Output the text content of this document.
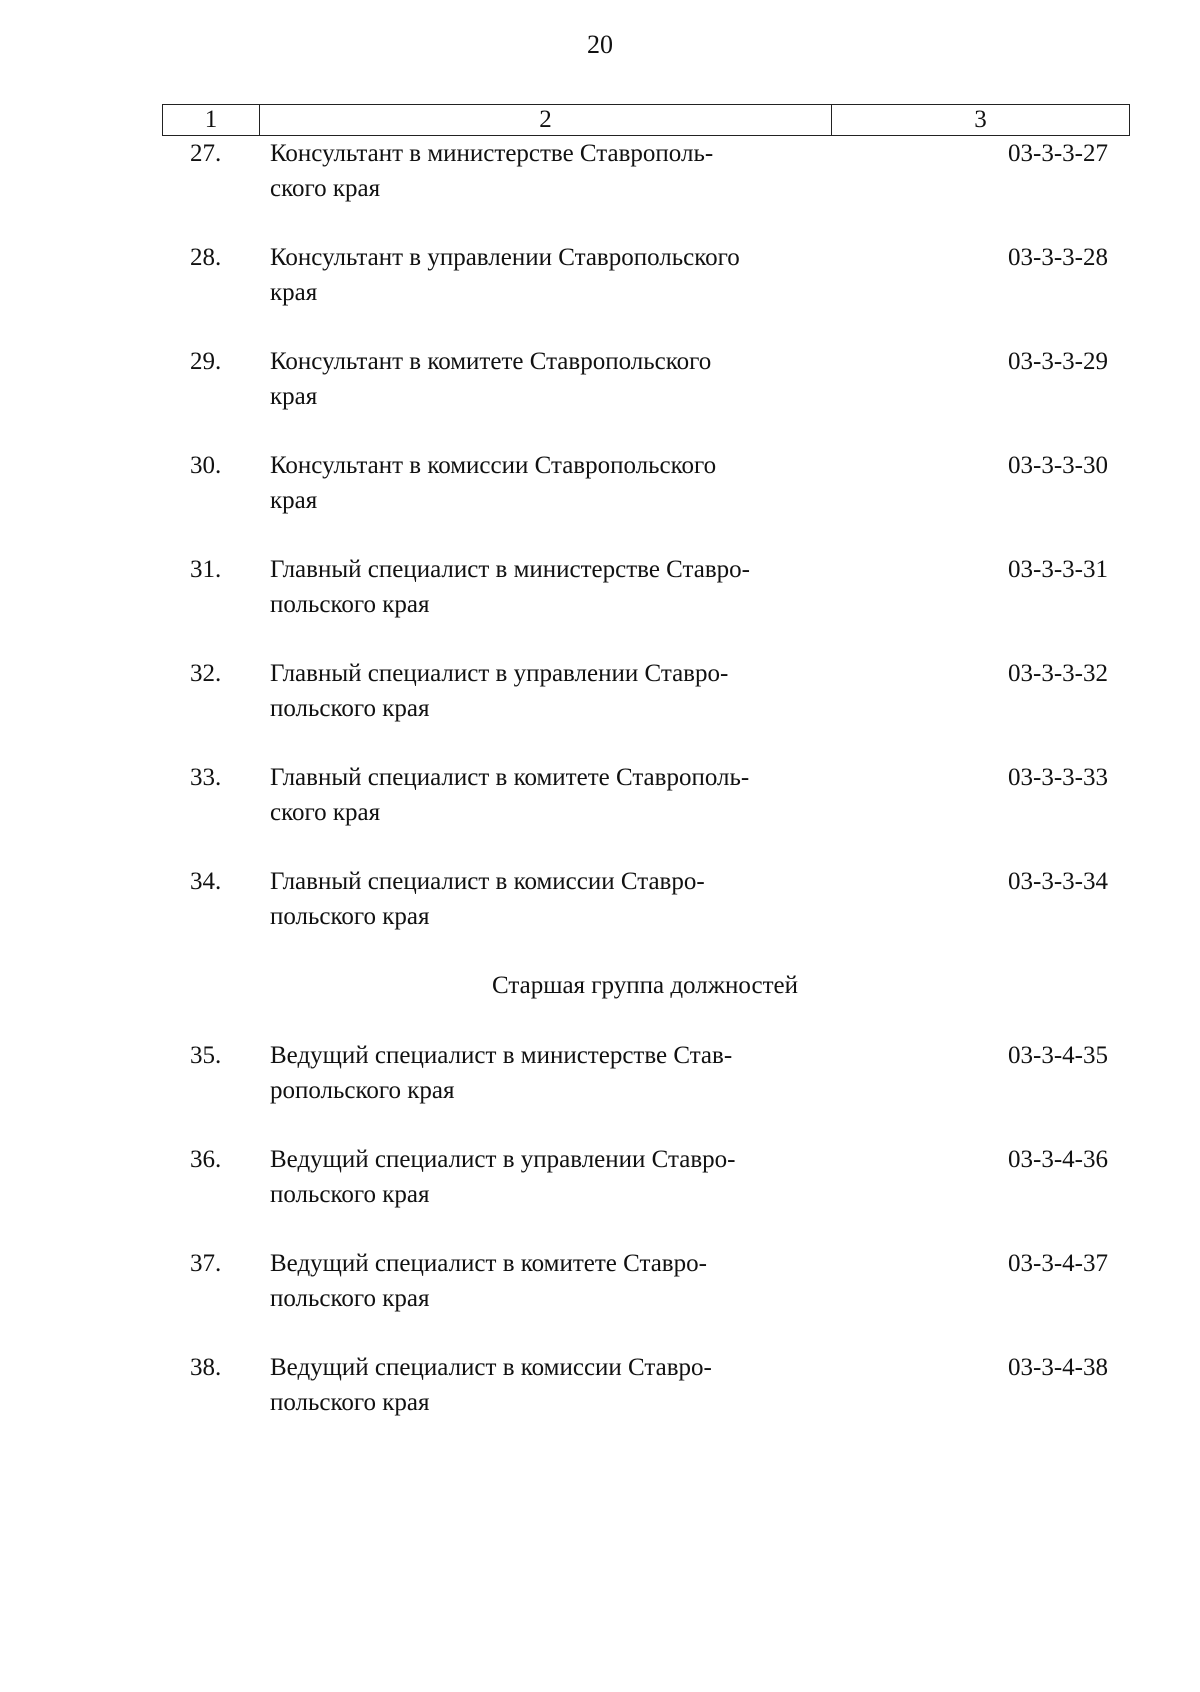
20
1	2	3
27. Консультант в министерстве Ставрополь-
ского края
03-3-3-27
28. Консультант в управлении Ставропольского
края
03-3-3-28
29. Консультант в комитете Ставропольского
края
03-3-3-29
30. Консультант в комиссии Ставропольского
края
03-3-3-30
31. Главный специалист в министерстве Ставро-
польского края
03-3-3-31
32. Главный специалист в управлении Ставро-
польского края
03-3-3-32
33. Главный специалист в комитете Ставрополь-
ского края
03-3-3-33
34. Главный специалист в комиссии Ставро-
польского края
03-3-3-34
Старшая группа должностей
35. Ведущий специалист в министерстве Став-
ропольского края
03-3-4-35
36. Ведущий специалист в управлении Ставро-
польского края
03-3-4-36
37. Ведущий специалист в комитете Ставро-
польского края
03-3-4-37
38. Ведущий специалист в комиссии Ставро-
польского края
03-3-4-38
